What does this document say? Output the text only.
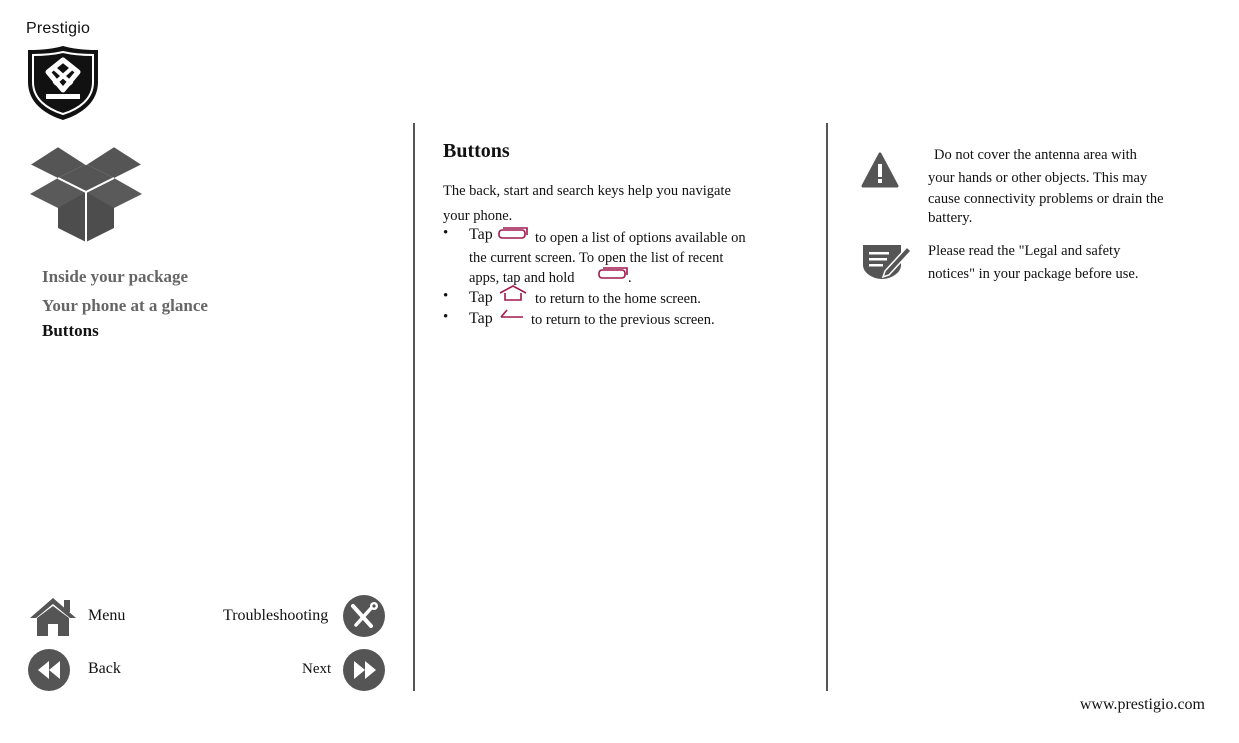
Prestigio
Inside your package
Your phone at a glance
Buttons
Menu	Troubleshooting
Back	Next
Buttons
The back, start and search keys help you navigate
your phone.
• Tap	to open a list of options available on
the current screen. To open the list of recent
apps, tap and hold	.
• Tap	to return to the home screen.
• Tap	to return to the previous screen.
Do not cover the antenna area with
your hands or other objects. This may
cause connectivity problems or drain the
battery.
Please read the "Legal and safety
notices" in your package before use.
www.prestigio.com
